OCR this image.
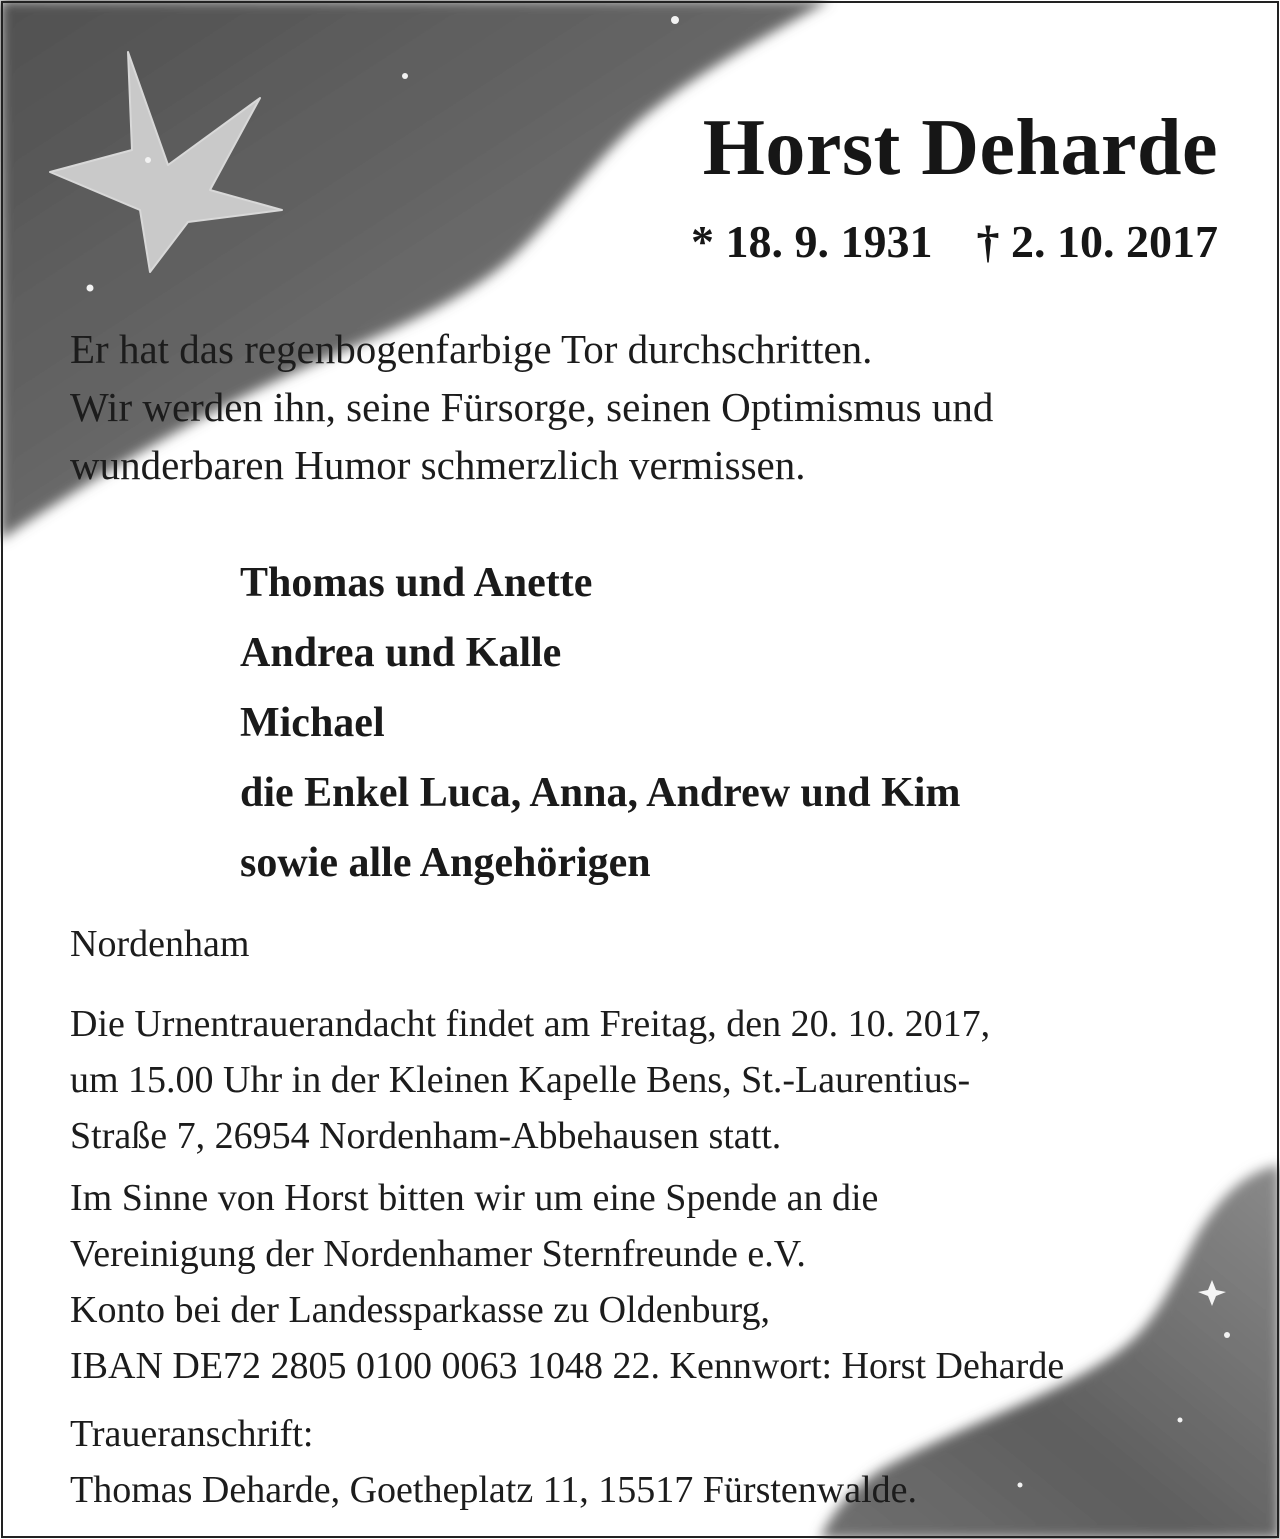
Horst Deharde
* 18. 9. 1931 † 2. 10. 2017
Er hat das regenbogenfarbige Tor durchschritten.
Wir werden ihn, seine Fürsorge, seinen Optimismus und
wunderbaren Humor schmerzlich vermissen.
Thomas und Anette
Andrea und Kalle
Michael
die Enkel Luca, Anna, Andrew und Kim
sowie alle Angehörigen
Nordenham
Die Urnentrauerandacht findet am Freitag, den 20. 10. 2017,
um 15.00 Uhr in der Kleinen Kapelle Bens, St.-Laurentius-
Straße 7, 26954 Nordenham-Abbehausen statt.
Im Sinne von Horst bitten wir um eine Spende an die
Vereinigung der Nordenhamer Sternfreunde e.V.
Konto bei der Landessparkasse zu Oldenburg,
IBAN DE72 2805 0100 0063 1048 22. Kennwort: Horst Deharde
Traueranschrift:
Thomas Deharde, Goetheplatz 11, 15517 Fürstenwalde.
